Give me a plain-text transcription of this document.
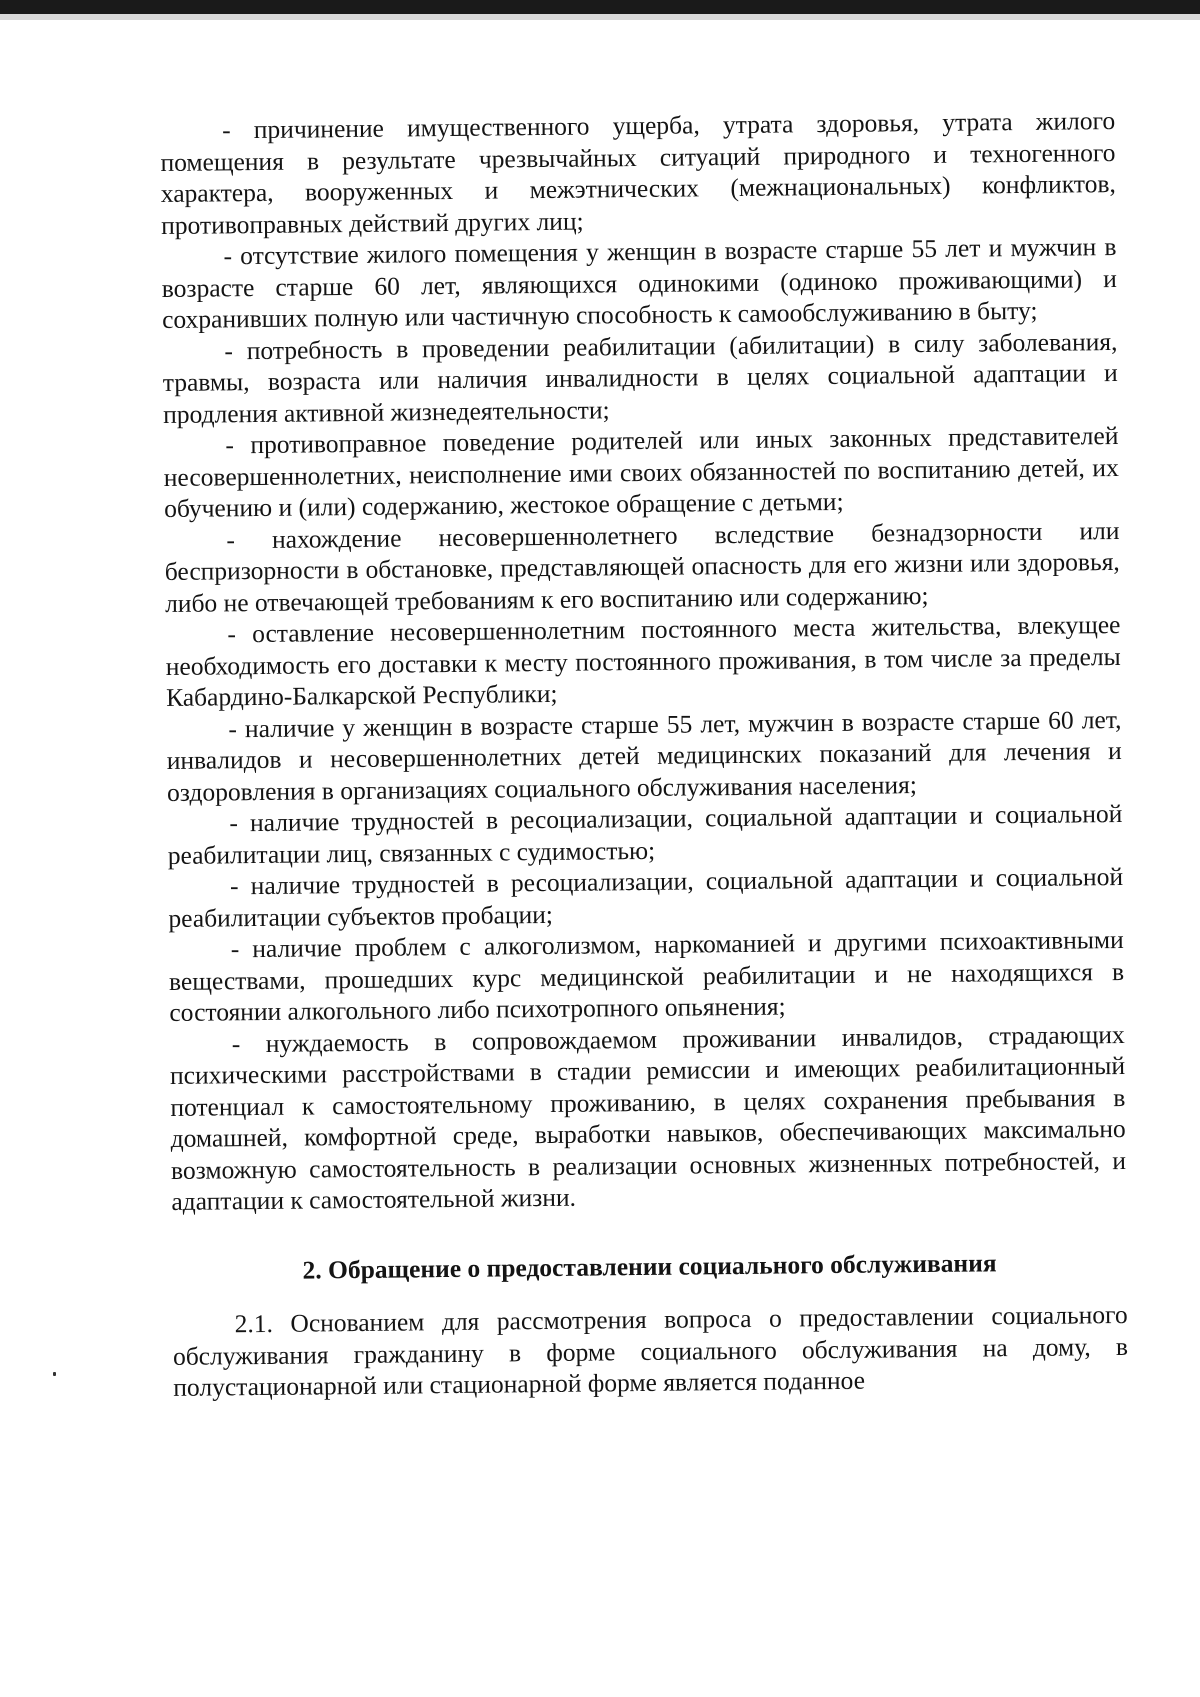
- причинение имущественного ущерба, утрата здоровья, утрата жилого помещения в результате чрезвычайных ситуаций природного и техногенного характера, вооруженных и межэтнических (межнациональных) конфликтов, противоправных действий других лиц;

- отсутствие жилого помещения у женщин в возрасте старше 55 лет и мужчин в возрасте старше 60 лет, являющихся одинокими (одиноко проживающими) и сохранивших полную или частичную способность к самообслуживанию в быту;

- потребность в проведении реабилитации (абилитации) в силу заболевания, травмы, возраста или наличия инвалидности в целях социальной адаптации и продления активной жизнедеятельности;

- противоправное поведение родителей или иных законных представителей несовершеннолетних, неисполнение ими своих обязанностей по воспитанию детей, их обучению и (или) содержанию, жестокое обращение с детьми;

- нахождение несовершеннолетнего вследствие безнадзорности или беспризорности в обстановке, представляющей опасность для его жизни или здоровья, либо не отвечающей требованиям к его воспитанию или содержанию;

- оставление несовершеннолетним постоянного места жительства, влекущее необходимость его доставки к месту постоянного проживания, в том числе за пределы Кабардино-Балкарской Республики;

- наличие у женщин в возрасте старше 55 лет, мужчин в возрасте старше 60 лет, инвалидов и несовершеннолетних детей медицинских показаний для лечения и оздоровления в организациях социального обслуживания населения;

- наличие трудностей в ресоциализации, социальной адаптации и социальной реабилитации лиц, связанных с судимостью;

- наличие трудностей в ресоциализации, социальной адаптации и социальной реабилитации субъектов пробации;

- наличие проблем с алкоголизмом, наркоманией и другими психоактивными веществами, прошедших курс медицинской реабилитации и не находящихся в состоянии алкогольного либо психотропного опьянения;

- нуждаемость в сопровождаемом проживании инвалидов, страдающих психическими расстройствами в стадии ремиссии и имеющих реабилитационный потенциал к самостоятельному проживанию, в целях сохранения пребывания в домашней, комфортной среде, выработки навыков, обеспечивающих максимально возможную самостоятельность в реализации основных жизненных потребностей, и адаптации к самостоятельной жизни.

2. Обращение о предоставлении социального обслуживания

2.1. Основанием для рассмотрения вопроса о предоставлении социального обслуживания гражданину в форме социального обслуживания на дому, в полустационарной или стационарной форме является поданное
